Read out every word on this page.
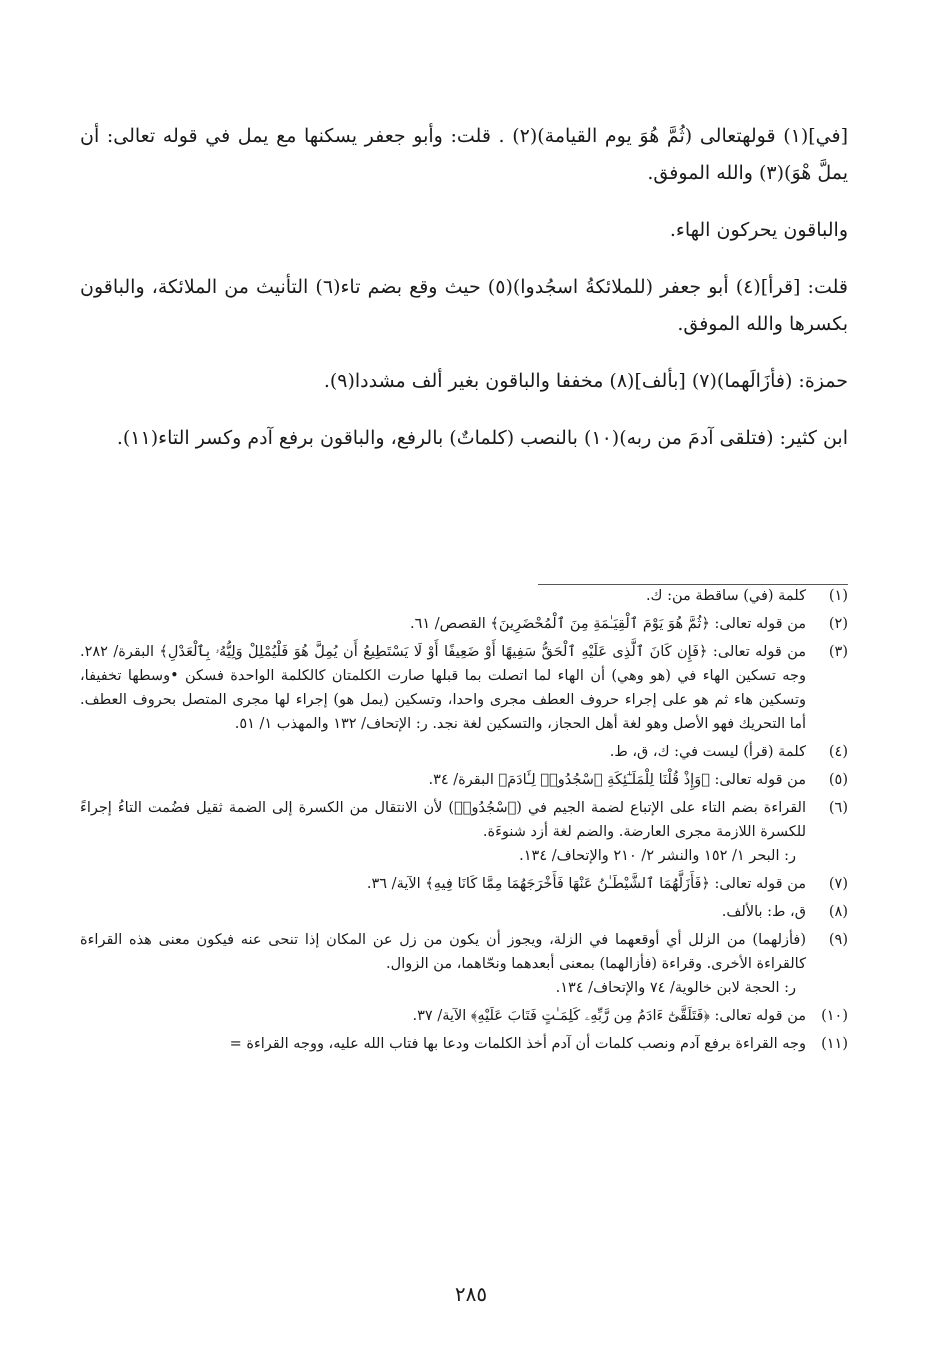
[في](١) قولهتعالى (ثُمَّ هُوَ يوم القيامة)(٢) . قلت: وأبو جعفر يسكنها مع يمل في قوله تعالى: أن يملَّ هْوَ)(٣) والله الموفق.

والباقون يحركون الهاء.

قلت: [قرأ](٤) أبو جعفر (للملائكةُ اسجُدوا)(٥) حيث وقع بضم تاء(٦) التأنيث من الملائكة، والباقون بكسرها والله الموفق.

حمزة: (فأزَالَهما)(٧) [بألف](٨) مخففا والباقون بغير ألف مشددا(٩).

ابن كثير: (فتلقى آدمَ من ربه)(١٠) بالنصب (كلماتٌ) بالرفع، والباقون برفع آدم وكسر التاء(١١).

(١)
كلمة (في) ساقطة من: ك.
(٢)
من قوله تعالى: ﴿ثُمَّ هُوَ يَوْمَ ٱلْقِيَـٰمَةِ مِنَ ٱلْمُحْضَرِينَ﴾ القصص/ ٦١.
(٣)
من قوله تعالى: ﴿فَإِن كَانَ ٱلَّذِى عَلَيْهِ ٱلْحَقُّ سَفِيهًا أَوْ ضَعِيفًا أَوْ لَا يَسْتَطِيعُ أَن يُمِلَّ هُوَ فَلْيُمْلِلْ وَلِيُّهُۥ بِٱلْعَدْلِ﴾ البقرة/ ٢٨٢. وجه تسكين الهاء في (هو وهي) أن الهاء لما اتصلت بما قبلها صارت الكلمتان كالكلمة الواحدة فسكن •وسطها تخفيفا، وتسكين هاء ثم هو على إجراء حروف العطف مجرى واحدا، وتسكين (يمل هو) إجراء لها مجرى المتصل بحروف العطف. أما التحريك فهو الأصل وهو لغة أهل الحجاز، والتسكين لغة نجد. ر: الإتحاف/ ١٣٢ والمهذب ١/ ٥١.
(٤)
كلمة (قرأ) ليست في: ك، ق، ط.
(٥)
من قوله تعالى: ﴿وَإِذْ قُلْنَا لِلْمَلَـٰٓئِكَةِ ٱسْجُدُوا۟ لِـَٔادَمَ﴾ البقرة/ ٣٤.
(٦)
القراءة بضم التاء على الإتباع لضمة الجيم في (ٱسْجُدُوا۟) لأن الانتقال من الكسرة إلى الضمة ثقيل فضُمت التاءُ إجراءً للكسرة اللازمة مجرى العارضة. والضم لغة أزد شنوءَة.
ر: البحر ١/ ١٥٢ والنشر ٢/ ٢١٠ والإتحاف/ ١٣٤.
(٧)
من قوله تعالى: ﴿فَأَزَلَّهُمَا ٱلشَّيْطَـٰنُ عَنْهَا فَأَخْرَجَهُمَا مِمَّا كَانَا فِيهِ﴾ الآية/ ٣٦.
(٨)
ق، ط: بالألف.
(٩)
(فأزلهما) من الزلل أي أوقعهما في الزلة، ويجوز أن يكون من زل عن المكان إذا تنحى عنه فيكون معنى هذه القراءة كالقراءة الأخرى. وقراءة (فأزالهما) بمعنى أبعدهما ونحّاهما، من الزوال.
ر: الحجة لابن خالوية/ ٧٤ والإتحاف/ ١٣٤.
(١٠)
من قوله تعالى: ﴿فَتَلَقَّىٰٓ ءَادَمُ مِن رَّبِّهِۦ كَلِمَـٰتٍ فَتَابَ عَلَيْهِ﴾ الآية/ ٣٧.
(١١)
وجه القراءة برفع آدم ونصب كلمات أن آدم أخذ الكلمات ودعا بها فتاب الله عليه، ووجه القراءة =
٢٨٥
